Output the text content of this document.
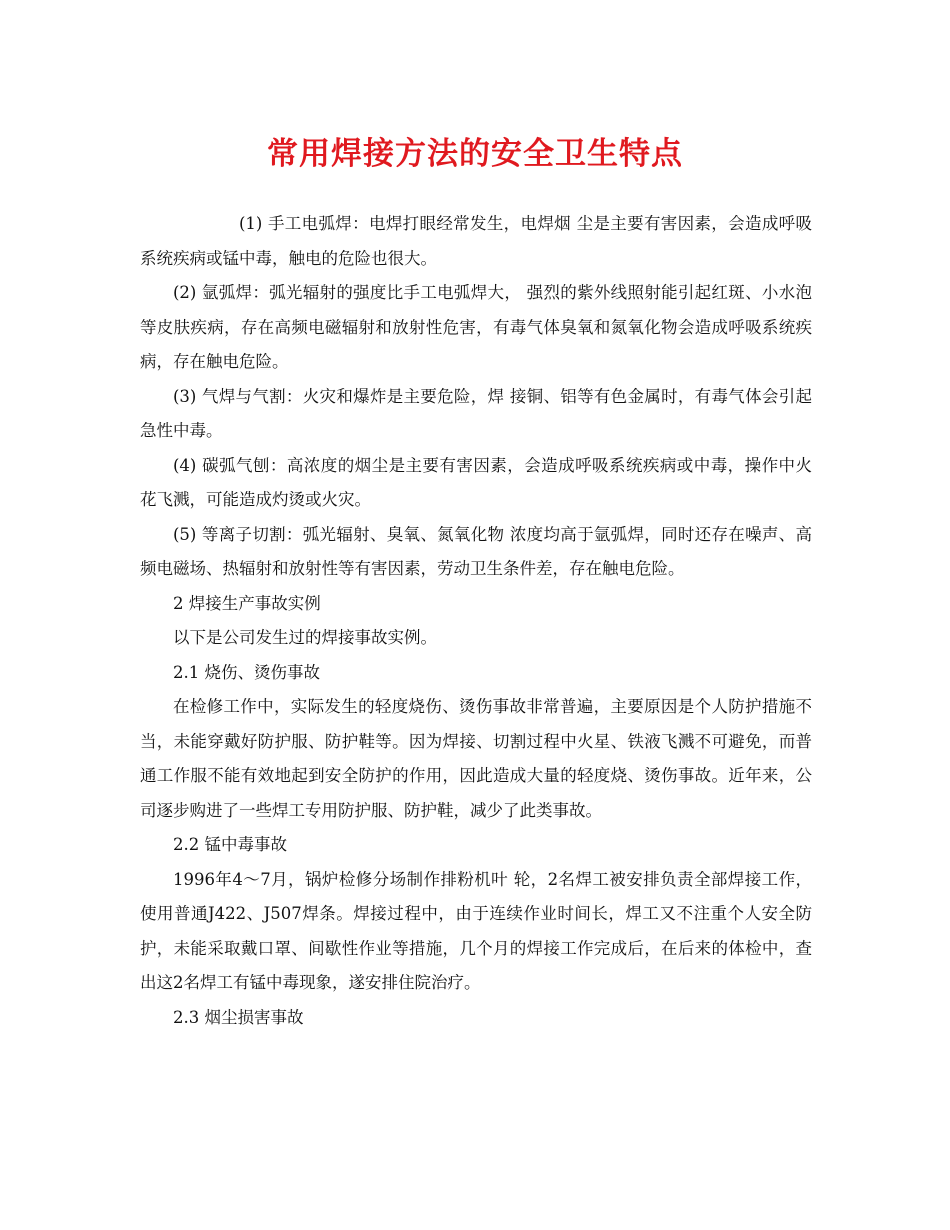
常用焊接方法的安全卫生特点

(1) 手工电弧焊：电焊打眼经常发生，电焊烟 尘是主要有害因素，会造成呼吸系统疾病或锰中毒，触电的危险也很大。

(2) 氩弧焊：弧光辐射的强度比手工电弧焊大， 强烈的紫外线照射能引起红斑、小水泡等皮肤疾病，存在高频电磁辐射和放射性危害，有毒气体臭氧和氮氧化物会造成呼吸系统疾病，存在触电危险。

(3) 气焊与气割：火灾和爆炸是主要危险，焊 接铜、铝等有色金属时，有毒气体会引起急性中毒。

(4) 碳弧气刨：高浓度的烟尘是主要有害因素，会造成呼吸系统疾病或中毒，操作中火花飞溅，可能造成灼烫或火灾。

(5) 等离子切割：弧光辐射、臭氧、氮氧化物 浓度均高于氩弧焊，同时还存在噪声、高频电磁场、热辐射和放射性等有害因素，劳动卫生条件差，存在触电危险。

2 焊接生产事故实例

以下是公司发生过的焊接事故实例。

2.1 烧伤、烫伤事故

在检修工作中，实际发生的轻度烧伤、烫伤事故非常普遍，主要原因是个人防护措施不当，未能穿戴好防护服、防护鞋等。因为焊接、切割过程中火星、铁液飞溅不可避免，而普通工作服不能有效地起到安全防护的作用，因此造成大量的轻度烧、烫伤事故。近年来，公司逐步购进了一些焊工专用防护服、防护鞋，减少了此类事故。

2.2 锰中毒事故

1996年4～7月，锅炉检修分场制作排粉机叶 轮，2名焊工被安排负责全部焊接工作，使用普通J422、J507焊条。焊接过程中，由于连续作业时间长，焊工又不注重个人安全防护，未能采取戴口罩、间歇性作业等措施，几个月的焊接工作完成后，在后来的体检中，查出这2名焊工有锰中毒现象，遂安排住院治疗。

2.3 烟尘损害事故
